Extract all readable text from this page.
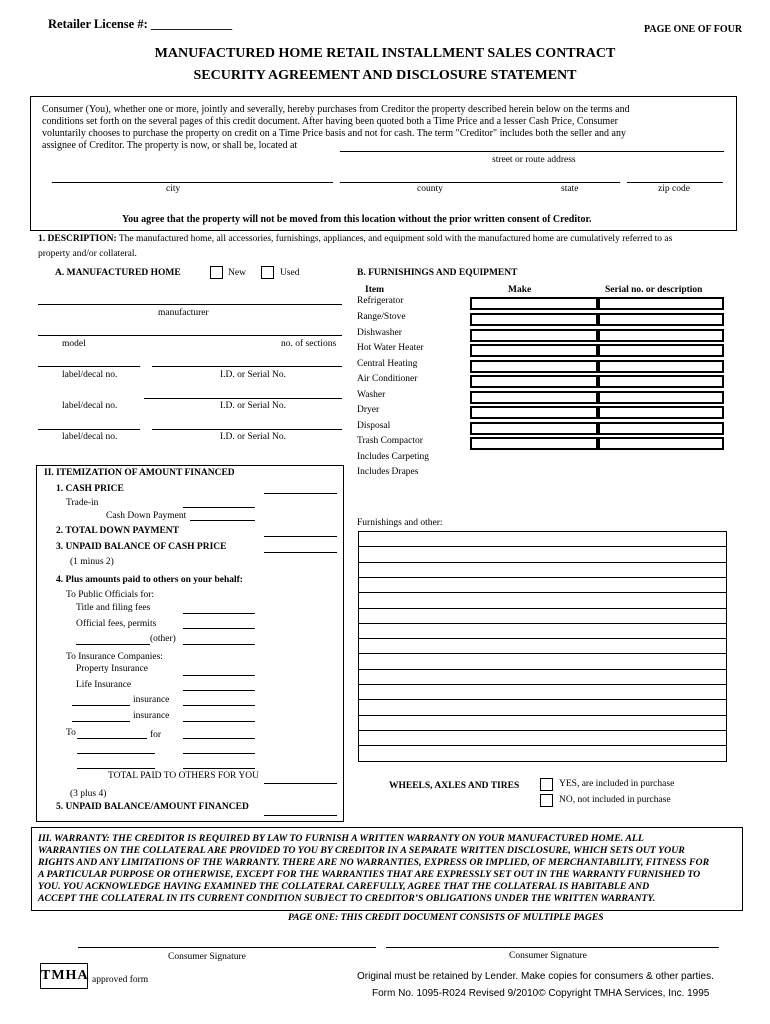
Retailer License #: _____________	PAGE ONE OF FOUR
MANUFACTURED HOME RETAIL INSTALLMENT SALES CONTRACT
SECURITY AGREEMENT AND DISCLOSURE STATEMENT
Consumer (You), whether one or more, jointly and severally, hereby purchases from Creditor the property described herein below on the terms and
conditions set forth on the several pages of this credit document. After having been quoted both a Time Price and a lesser Cash Price, Consumer
voluntarily chooses to purchase the property on credit on a Time Price basis and not for cash. The term "Creditor" includes both the seller and any
assignee of Creditor. The property is now, or shall be, located at
street or route address
city	county	state	zip code
You agree that the property will not be moved from this location without the prior written consent of Creditor.
1. DESCRIPTION: The manufactured home, all accessories, furnishings, appliances, and equipment sold with the manufactured home are cumulatively referred to as
property and/or collateral.
A. MANUFACTURED HOME	New	Used
manufacturer
model	no. of sections
label/decal no.	I.D. or Serial No.
label/decal no.	I.D. or Serial No.
label/decal no.	I.D. or Serial No.
B. FURNISHINGS AND EQUIPMENT
Item	Make	Serial no. or description
Refrigerator
Range/Stove
Dishwasher
Hot Water Heater
Central Heating
Air Conditioner
Washer
Dryer
Disposal
Trash Compactor
Includes Carpeting
Includes Drapes
Furnishings and other:
II. ITEMIZATION OF AMOUNT FINANCED
1. CASH PRICE
Trade-in
Cash Down Payment
2. TOTAL DOWN PAYMENT
3. UNPAID BALANCE OF CASH PRICE
(1 minus 2)
4. Plus amounts paid to others on your behalf:
To Public Officials for:
Title and filing fees
Official fees, permits
(other)
To Insurance Companies:
Property Insurance
Life Insurance
insurance
insurance
To	for
TOTAL PAID TO OTHERS FOR YOU
(3 plus 4)
5. UNPAID BALANCE/AMOUNT FINANCED
WHEELS, AXLES AND TIRES	YES, are included in purchase
NO, not included in purchase
III. WARRANTY: THE CREDITOR IS REQUIRED BY LAW TO FURNISH A WRITTEN WARRANTY ON YOUR MANUFACTURED HOME. ALL
WARRANTIES ON THE COLLATERAL ARE PROVIDED TO YOU BY CREDITOR IN A SEPARATE WRITTEN DISCLOSURE, WHICH SETS OUT YOUR
RIGHTS AND ANY LIMITATIONS OF THE WARRANTY. THERE ARE NO WARRANTIES, EXPRESS OR IMPLIED, OF MERCHANTABILITY, FITNESS FOR
A PARTICULAR PURPOSE OR OTHERWISE, EXCEPT FOR THE WARRANTIES THAT ARE EXPRESSLY SET OUT IN THE WARRANTY FURNISHED TO
YOU. YOU ACKNOWLEDGE HAVING EXAMINED THE COLLATERAL CAREFULLY, AGREE THAT THE COLLATERAL IS HABITABLE AND
ACCEPT THE COLLATERAL IN ITS CURRENT CONDITION SUBJECT TO CREDITOR’S OBLIGATIONS UNDER THE WRITTEN WARRANTY.
PAGE ONE: THIS CREDIT DOCUMENT CONSISTS OF MULTIPLE PAGES
Consumer Signature	Consumer Signature
TMHA approved form	Original must be retained by Lender. Make copies for consumers & other parties.
Form No. 1095-R024 Revised 9/2010© Copyright TMHA Services, Inc. 1995
